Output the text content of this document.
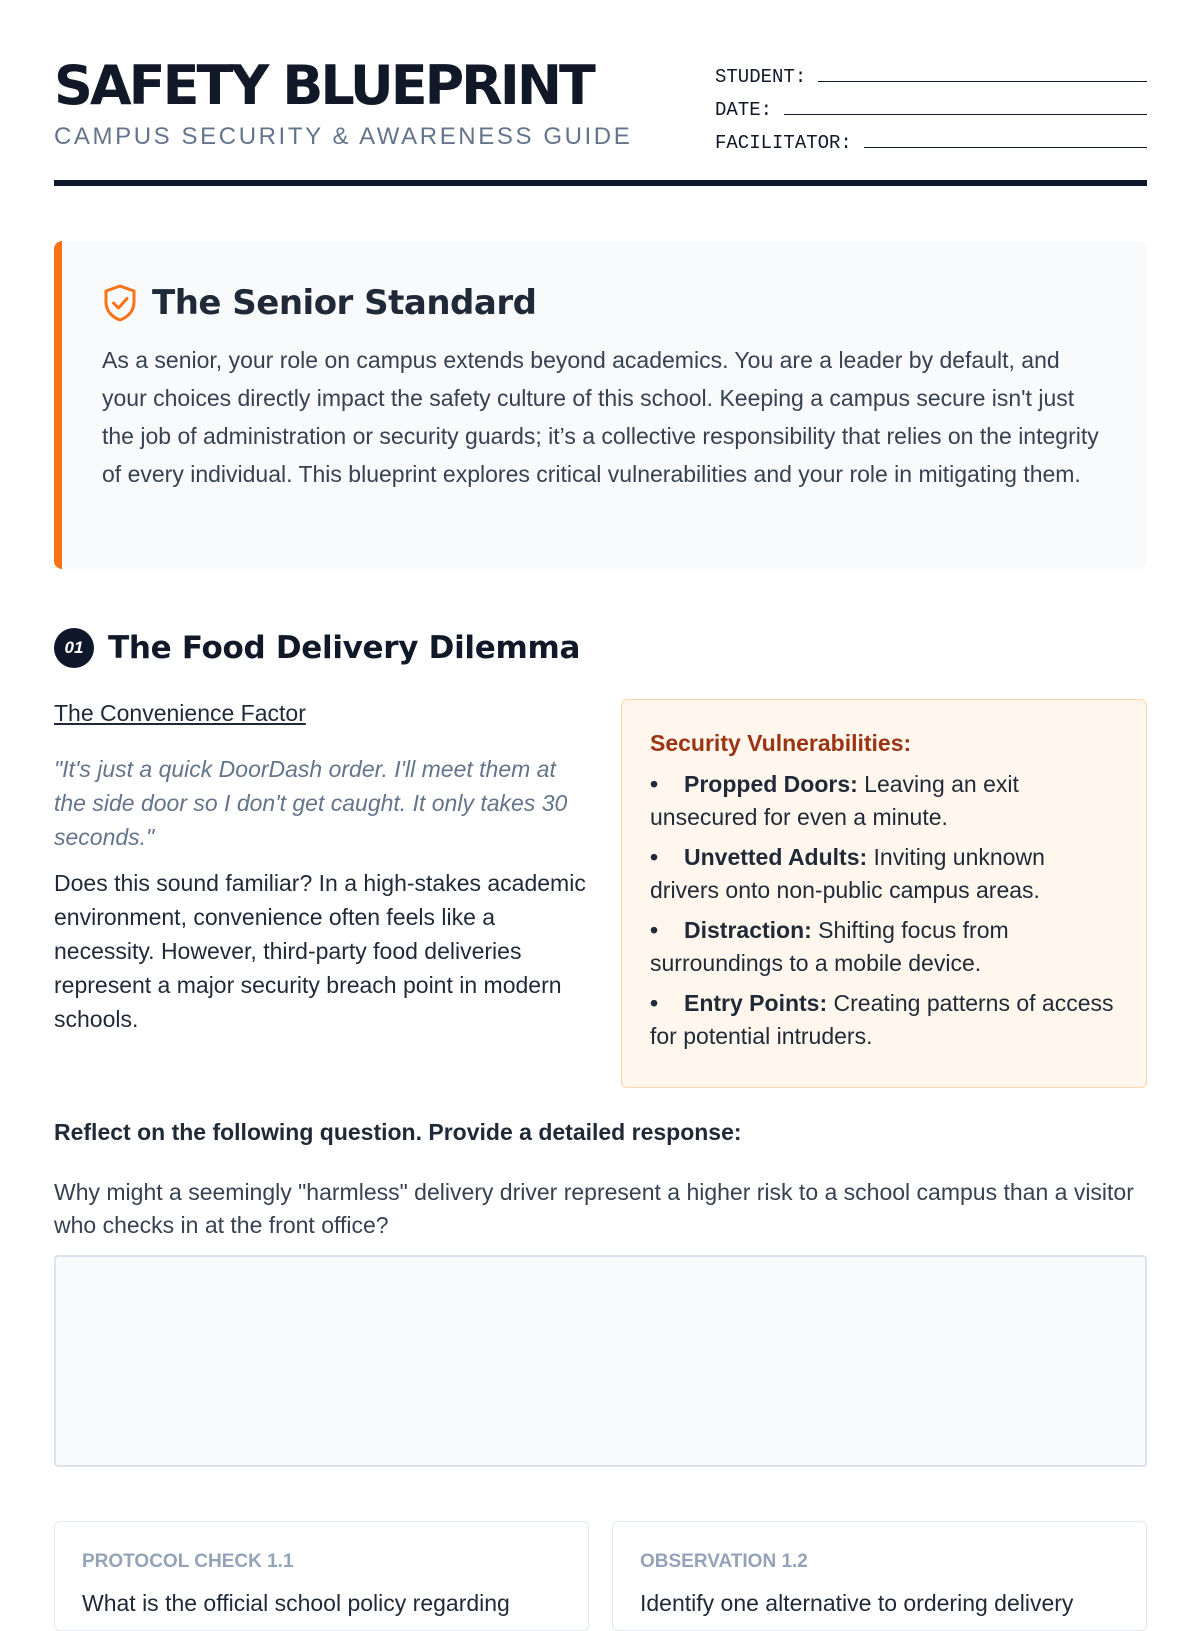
SAFETY BLUEPRINT
CAMPUS SECURITY & AWARENESS GUIDE
STUDENT:
DATE:
FACILITATOR:
The Senior Standard

As a senior, your role on campus extends beyond academics. You are a leader by default, and your choices directly impact the safety culture of this school. Keeping a campus secure isn't just the job of administration or security guards; it’s a collective responsibility that relies on the integrity of every individual. This blueprint explores critical vulnerabilities and your role in mitigating them.

01 The Food Delivery Dilemma

The Convenience Factor

"It's just a quick DoorDash order. I'll meet them at the side door so I don't get caught. It only takes 30 seconds."

Does this sound familiar? In a high-stakes academic environment, convenience often feels like a necessity. However, third-party food deliveries represent a major security breach point in modern schools.

Security Vulnerabilities:
• Propped Doors: Leaving an exit unsecured for even a minute.
• Unvetted Adults: Inviting unknown drivers onto non-public campus areas.
• Distraction: Shifting focus from surroundings to a mobile device.
• Entry Points: Creating patterns of access for potential intruders.

Reflect on the following question. Provide a detailed response:

Why might a seemingly "harmless" delivery driver represent a higher risk to a school campus than a visitor who checks in at the front office?

PROTOCOL CHECK 1.1

What is the official school policy regarding

OBSERVATION 1.2

Identify one alternative to ordering delivery
